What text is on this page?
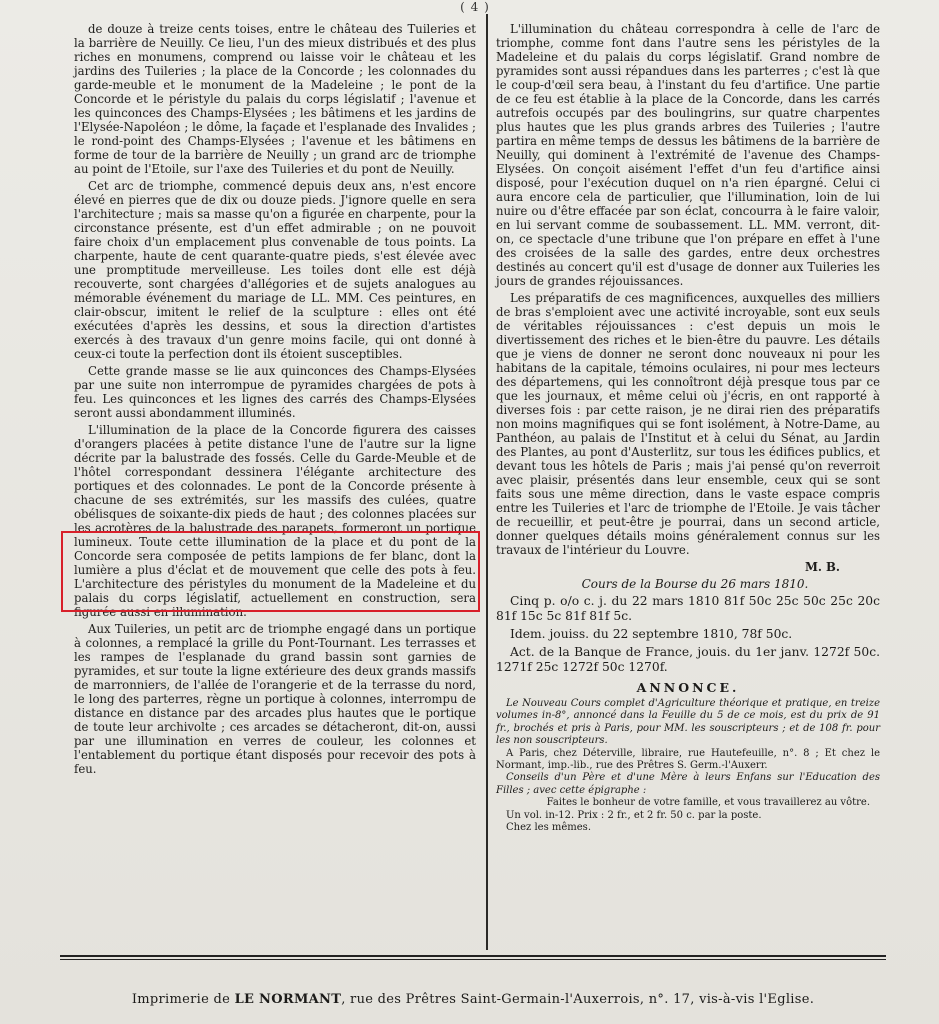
( 4 )

de douze à treize cents toises, entre le château des Tuileries et la barrière de Neuilly. Ce lieu, l'un des mieux distribués et des plus riches en monumens, comprend ou laisse voir le château et les jardins des Tuileries ; la place de la Concorde ; les colonnades du garde-meuble et le monument de la Madeleine ; le pont de la Concorde et le péristyle du palais du corps législatif ; l'avenue et les quinconces des Champs-Elysées ; les bâtimens et les jardins de l'Elysée-Napoléon ; le dôme, la façade et l'esplanade des Invalides ; le rond-point des Champs-Elysées ; l'avenue et les bâtimens en forme de tour de la barrière de Neuilly ; un grand arc de triomphe au point de l'Etoile, sur l'axe des Tuileries et du pont de Neuilly.

Cet arc de triomphe, commencé depuis deux ans, n'est encore élevé en pierres que de dix ou douze pieds. J'ignore quelle en sera l'architecture ; mais sa masse qu'on a figurée en charpente, pour la circonstance présente, est d'un effet admirable ; on ne pouvoit faire choix d'un emplacement plus convenable de tous points. La charpente, haute de cent quarante-quatre pieds, s'est élevée avec une promptitude merveilleuse. Les toiles dont elle est déjà recouverte, sont chargées d'allégories et de sujets analogues au mémorable événement du mariage de LL. MM. Ces peintures, en clair-obscur, imitent le relief de la sculpture : elles ont été exécutées d'après les dessins, et sous la direction d'artistes exercés à des travaux d'un genre moins facile, qui ont donné à ceux-ci toute la perfection dont ils étoient susceptibles.

Cette grande masse se lie aux quinconces des Champs-Elysées par une suite non interrompue de pyramides chargées de pots à feu. Les quinconces et les lignes des carrés des Champs-Elysées seront aussi abondamment illuminés.

L'illumination de la place de la Concorde figurera des caisses d'orangers placées à petite distance l'une de l'autre sur la ligne décrite par la balustrade des fossés. Celle du Garde-Meuble et de l'hôtel correspondant dessinera l'élégante architecture des portiques et des colonnades. Le pont de la Concorde présente à chacune de ses extrémités, sur les massifs des culées, quatre obélisques de soixante-dix pieds de haut ; des colonnes placées sur les acrotères de la balustrade des parapets, formeront un portique lumineux. Toute cette illumination de la place et du pont de la Concorde sera composée de petits lampions de fer blanc, dont la lumière a plus d'éclat et de mouvement que celle des pots à feu. L'architecture des péristyles du monument de la Madeleine et du palais du corps législatif, actuellement en construction, sera figurée aussi en illumination.

Aux Tuileries, un petit arc de triomphe engagé dans un portique à colonnes, a remplacé la grille du Pont-Tournant. Les terrasses et les rampes de l'esplanade du grand bassin sont garnies de pyramides, et sur toute la ligne extérieure des deux grands massifs de marronniers, de l'allée de l'orangerie et de la terrasse du nord, le long des parterres, règne un portique à colonnes, interrompu de distance en distance par des arcades plus hautes que le portique de toute leur archivolte ; ces arcades se détacheront, dit-on, aussi par une illumination en verres de couleur, les colonnes et l'entablement du portique étant disposés pour recevoir des pots à feu.

L'illumination du château correspondra à celle de l'arc de triomphe, comme font dans l'autre sens les péristyles de la Madeleine et du palais du corps législatif. Grand nombre de pyramides sont aussi répandues dans les parterres ; c'est là que le coup-d'œil sera beau, à l'instant du feu d'artifice. Une partie de ce feu est établie à la place de la Concorde, dans les carrés autrefois occupés par des boulingrins, sur quatre charpentes plus hautes que les plus grands arbres des Tuileries ; l'autre partira en même temps de dessus les bâtimens de la barrière de Neuilly, qui dominent à l'extrémité de l'avenue des Champs-Elysées. On conçoit aisément l'effet d'un feu d'artifice ainsi disposé, pour l'exécution duquel on n'a rien épargné. Celui ci aura encore cela de particulier, que l'illumination, loin de lui nuire ou d'être effacée par son éclat, concourra à le faire valoir, en lui servant comme de soubassement. LL. MM. verront, dit-on, ce spectacle d'une tribune que l'on prépare en effet à l'une des croisées de la salle des gardes, entre deux orchestres destinés au concert qu'il est d'usage de donner aux Tuileries les jours de grandes réjouissances.

Les préparatifs de ces magnificences, auxquelles des milliers de bras s'emploient avec une activité incroyable, sont eux seuls de véritables réjouissances : c'est depuis un mois le divertissement des riches et le bien-être du pauvre. Les détails que je viens de donner ne seront donc nouveaux ni pour les habitans de la capitale, témoins oculaires, ni pour mes lecteurs des départemens, qui les connoîtront déjà presque tous par ce que les journaux, et même celui où j'écris, en ont rapporté à diverses fois : par cette raison, je ne dirai rien des préparatifs non moins magnifiques qui se font isolément, à Notre-Dame, au Panthéon, au palais de l'Institut et à celui du Sénat, au Jardin des Plantes, au pont d'Austerlitz, sur tous les édifices publics, et devant tous les hôtels de Paris ; mais j'ai pensé qu'on reverroit avec plaisir, présentés dans leur ensemble, ceux qui se sont faits sous une même direction, dans le vaste espace compris entre les Tuileries et l'arc de triomphe de l'Etoile. Je vais tâcher de recueillir, et peut-être je pourrai, dans un second article, donner quelques détails moins généralement connus sur les travaux de l'intérieur du Louvre.

M. B.

Cours de la Bourse du 26 mars 1810.

Cinq p. o/o c. j. du 22 mars 1810 81f 50c 25c 50c 25c 20c 81f 15c 5c 81f 81f 5c.

Idem. jouiss. du 22 septembre 1810, 78f 50c.

Act. de la Banque de France, jouis. du 1er janv. 1272f 50c. 1271f 25c 1272f 50c 1270f.

ANNONCE.

Le Nouveau Cours complet d'Agriculture théorique et pratique, en treize volumes in-8°, annoncé dans la Feuille du 5 de ce mois, est du prix de 91 fr., brochés et pris à Paris, pour MM. les souscripteurs ; et de 108 fr. pour les non souscripteurs.

A Paris, chez Déterville, libraire, rue Hautefeuille, n°. 8 ; Et chez le Normant, imp.-lib., rue des Prêtres S. Germ.-l'Auxerr.

Conseils d'un Père et d'une Mère à leurs Enfans sur l'Education des Filles ; avec cette épigraphe :

Faites le bonheur de votre famille, et vous travaillerez au vôtre.

Un vol. in-12. Prix : 2 fr., et 2 fr. 50 c. par la poste.

Chez les mêmes.

Imprimerie de LE NORMANT, rue des Prêtres Saint-Germain-l'Auxerrois, n°. 17, vis-à-vis l'Eglise.
